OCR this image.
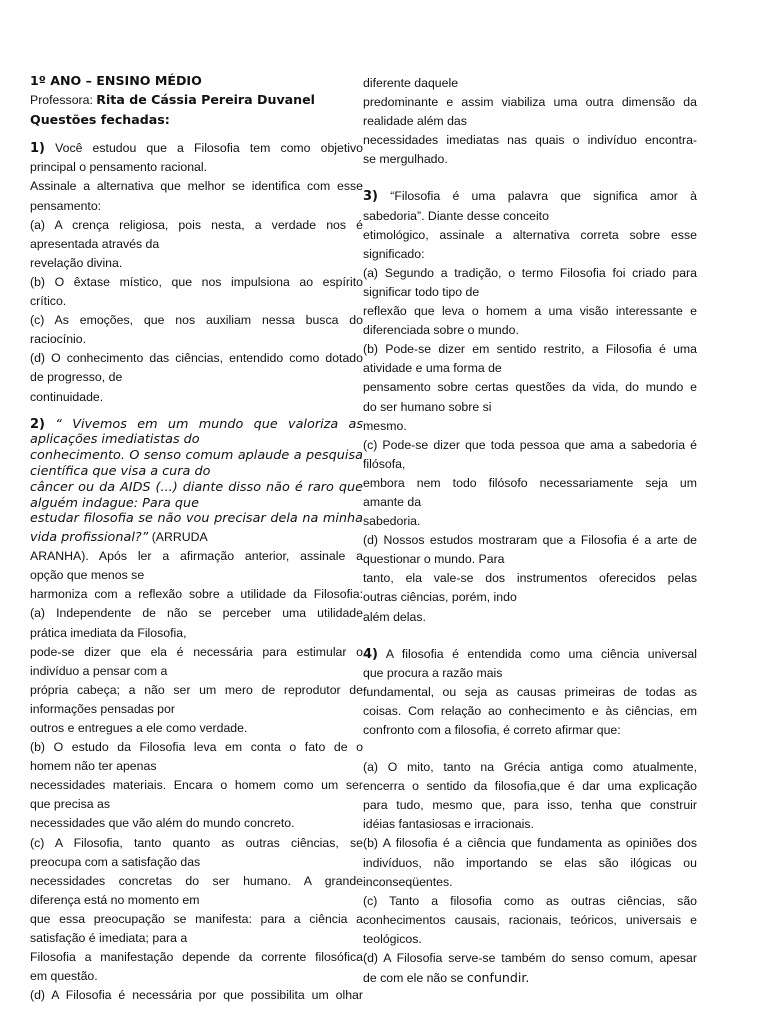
1º ANO – ENSINO MÉDIO

Professora: Rita de Cássia Pereira Duvanel

Questões fechadas:

1) Você estudou que a Filosofia tem como objetivo

principal o pensamento racional.

Assinale a alternativa que melhor se identifica com esse

pensamento:

(a) A crença religiosa, pois nesta, a verdade nos é

apresentada através da

revelação divina.

(b) O êxtase místico, que nos impulsiona ao espírito

crítico.

(c) As emoções, que nos auxiliam nessa busca do

raciocínio.

(d) O conhecimento das ciências, entendido como dotado

de progresso, de

continuidade.

2) “ Vivemos em um mundo que valoriza as

aplicações imediatistas do

conhecimento. O senso comum aplaude a pesquisa

científica que visa a cura do

câncer ou da AIDS (...) diante disso não é raro que

alguém indague: Para que

estudar filosofia se não vou precisar dela na minha

vida profissional?” (ARRUDA

ARANHA). Após ler a afirmação anterior, assinale a

opção que menos se

harmoniza com a reflexão sobre a utilidade da Filosofia:

(a) Independente de não se perceber uma utilidade

prática imediata da Filosofia,

pode-se dizer que ela é necessária para estimular o

indivíduo a pensar com a

própria cabeça; a não ser um mero de reprodutor de

informações pensadas por

outros e entregues a ele como verdade.

(b) O estudo da Filosofia leva em conta o fato de o

homem não ter apenas

necessidades materiais. Encara o homem como um ser

que precisa as

necessidades que vão além do mundo concreto.

(c) A Filosofia, tanto quanto as outras ciências, se

preocupa com a satisfação das

necessidades concretas do ser humano. A grande

diferença está no momento em

que essa preocupação se manifesta: para a ciência a

satisfação é imediata; para a

Filosofia a manifestação depende da corrente filosófica

em questão.

(d) A Filosofia é necessária por que possibilita um olhar

diferente daquele

predominante e assim viabiliza uma outra dimensão da

realidade além das

necessidades imediatas nas quais o indivíduo encontra-

se mergulhado.

3) “Filosofia é uma palavra que significa amor à

sabedoria”. Diante desse conceito

etimológico, assinale a alternativa correta sobre esse

significado:

(a) Segundo a tradição, o termo Filosofia foi criado para

significar todo tipo de

reflexão que leva o homem a uma visão interessante e

diferenciada sobre o mundo.

(b) Pode-se dizer em sentido restrito, a Filosofia é uma

atividade e uma forma de

pensamento sobre certas questões da vida, do mundo e

do ser humano sobre si

mesmo.

(c) Pode-se dizer que toda pessoa que ama a sabedoria é

filósofa,

embora nem todo filósofo necessariamente seja um

amante da

sabedoria.

(d) Nossos estudos mostraram que a Filosofia é a arte de

questionar o mundo. Para

tanto, ela vale-se dos instrumentos oferecidos pelas

outras ciências, porém, indo

além delas.

4) A filosofia é entendida como uma ciência universal

que procura a razão mais

fundamental, ou seja as causas primeiras de todas as

coisas. Com relação ao conhecimento e às ciências, em

confronto com a filosofia, é correto afirmar que:

(a) O mito, tanto na Grécia antiga como atualmente,

encerra o sentido da filosofia,que é dar uma explicação

para tudo, mesmo que, para isso, tenha que construir

idéias fantasiosas e irracionais.

(b) A filosofia é a ciência que fundamenta as opiniões dos

indivíduos, não importando se elas são ilógicas ou

inconseqüentes.

(c) Tanto a filosofia como as outras ciências, são

conhecimentos causais, racionais, teóricos, universais e

teológicos.

(d) A Filosofia serve-se também do senso comum, apesar

de com ele não se confundir.
